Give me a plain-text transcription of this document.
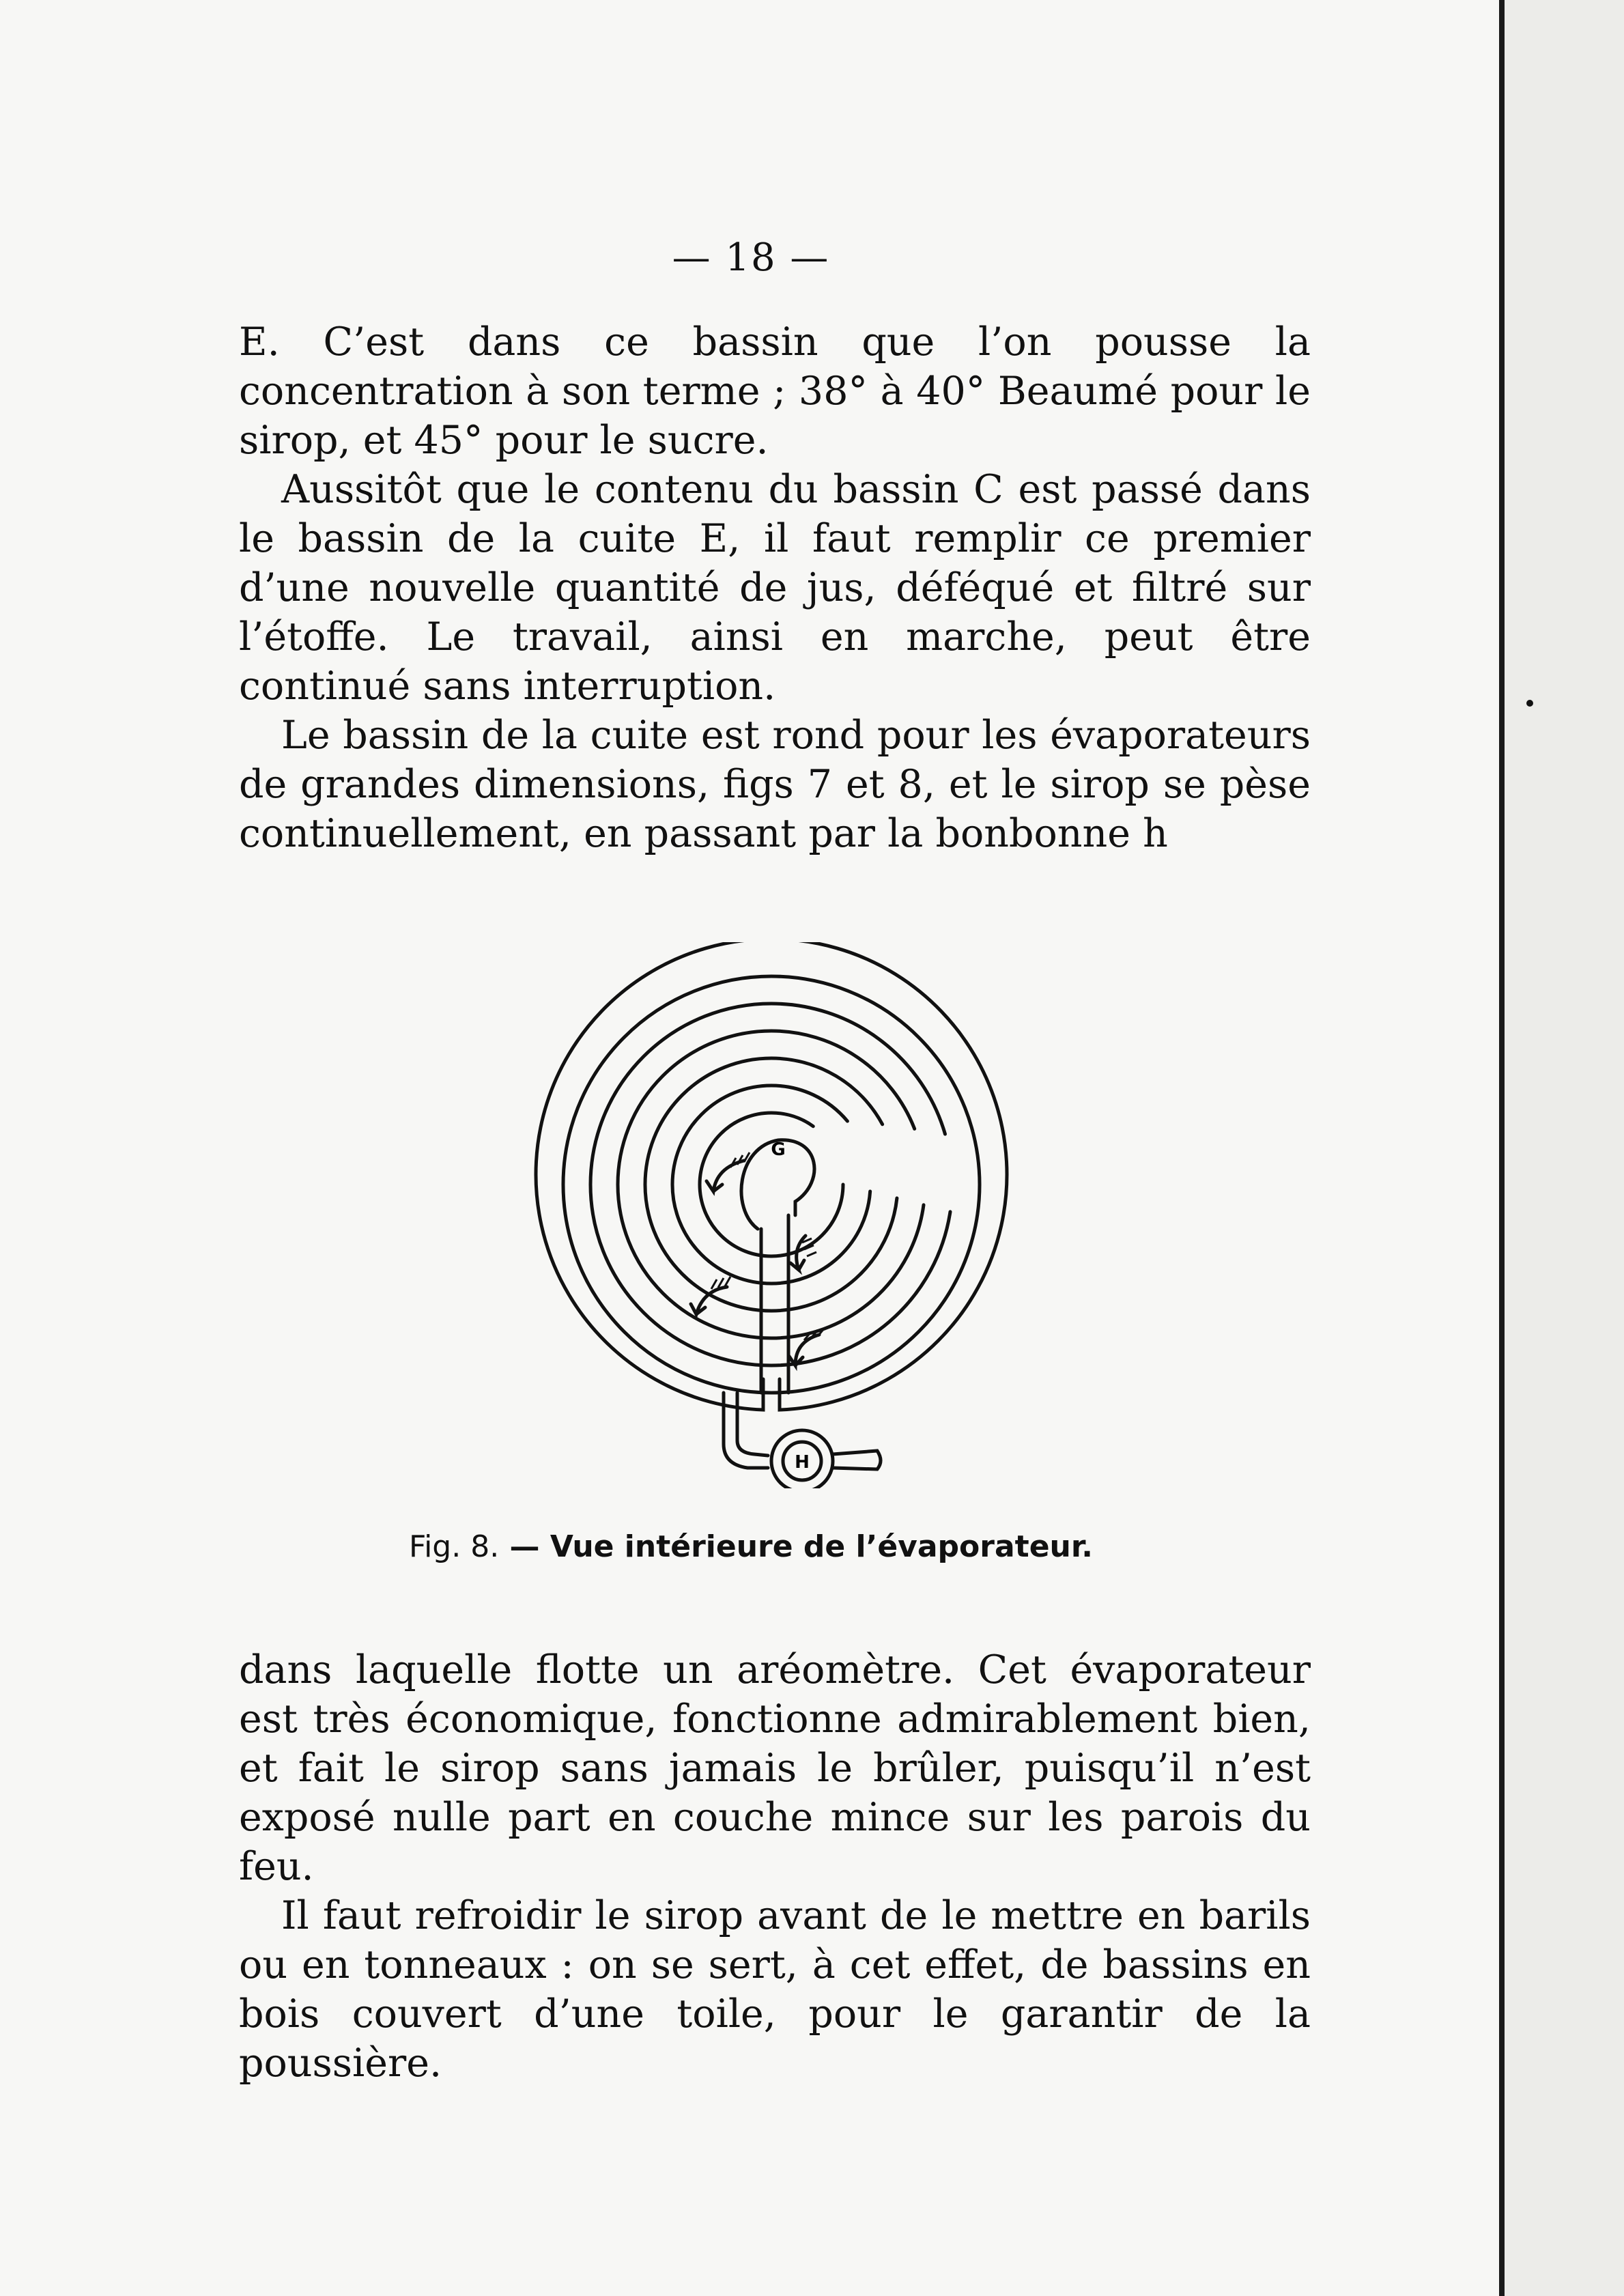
— 18 —

E. C’est dans ce bassin que l’on pousse la concentration à son terme ; 38° à 40° Beaumé pour le sirop, et 45° pour le sucre.

Aussitôt que le contenu du bassin C est passé dans le bassin de la cuite E, il faut remplir ce premier d’une nouvelle quantité de jus, déféqué et filtré sur l’étoffe. Le travail, ainsi en marche, peut être continué sans interruption.

Le bassin de la cuite est rond pour les évaporateurs de grandes dimensions, figs 7 et 8, et le sirop se pèse continuellement, en passant par la bonbonne h

G
H
Fig. 8. — Vue intérieure de l’évaporateur.

dans laquelle flotte un aréomètre. Cet évaporateur est très économique, fonctionne admirablement bien, et fait le sirop sans jamais le brûler, puisqu’il n’est exposé nulle part en couche mince sur les parois du feu.

Il faut refroidir le sirop avant de le mettre en barils ou en tonneaux : on se sert, à cet effet, de bassins en bois couvert d’une toile, pour le garantir de la poussière.
